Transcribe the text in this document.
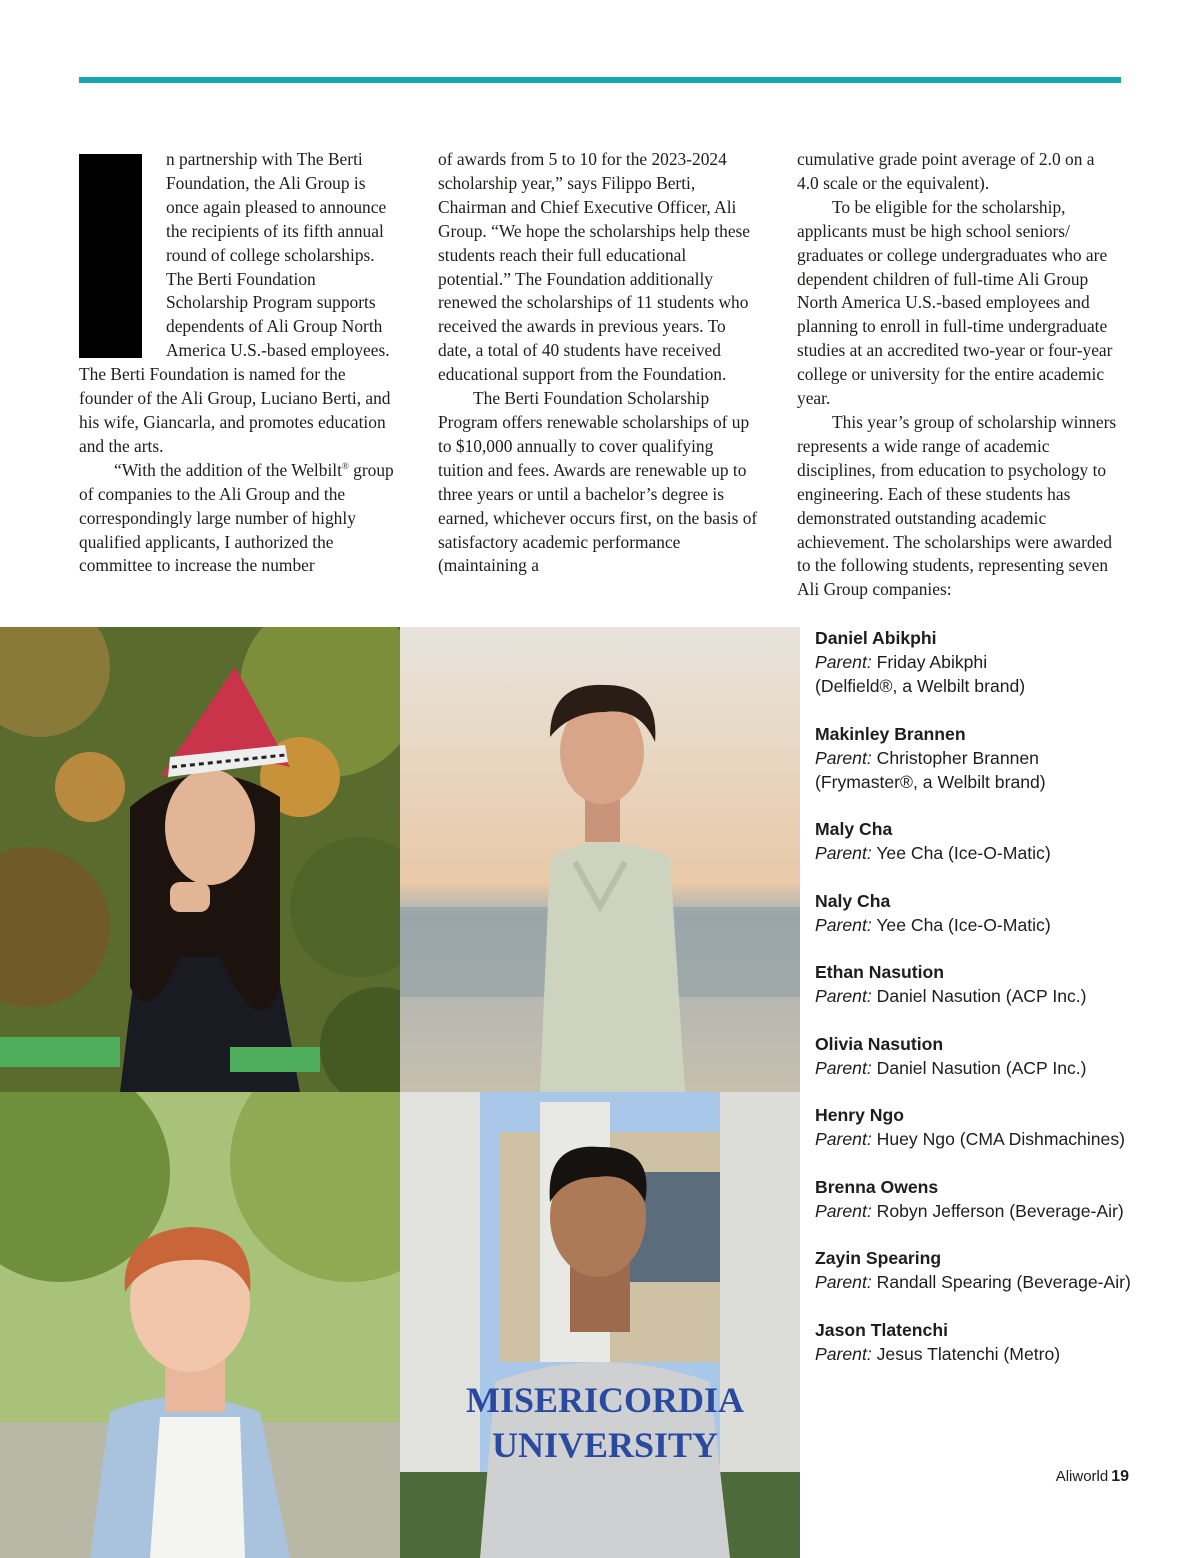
n partnership with The Berti Foundation, the Ali Group is once again pleased to announce the recipients of its fifth annual round of college scholarships. The Berti Foundation Scholarship Program supports dependents of Ali Group North America U.S.-based employees. The Berti Foundation is named for the founder of the Ali Group, Luciano Berti, and his wife, Giancarla, and promotes education and the arts.

“With the addition of the Welbilt® group of companies to the Ali Group and the correspondingly large number of highly qualified applicants, I authorized the committee to increase the number

of awards from 5 to 10 for the 2023-2024 scholarship year,” says Filippo Berti, Chairman and Chief Executive Officer, Ali Group. “We hope the scholarships help these students reach their full educational potential.” The Foundation additionally renewed the scholarships of 11 students who received the awards in previous years. To date, a total of 40 students have received educational support from the Foundation.

The Berti Foundation Scholarship Program offers renewable scholarships of up to $10,000 annually to cover qualifying tuition and fees. Awards are renewable up to three years or until a bachelor’s degree is earned, whichever occurs first, on the basis of satisfactory academic performance (maintaining a

cumulative grade point average of 2.0 on a 4.0 scale or the equivalent).

To be eligible for the scholarship, applicants must be high school seniors/ graduates or college undergraduates who are dependent children of full-time Ali Group North America U.S.-based employees and planning to enroll in full-time undergraduate studies at an accredited two-year or four-year college or university for the entire academic year.

This year’s group of scholarship winners represents a wide range of academic disciplines, from education to psychology to engineering. Each of these students has demonstrated outstanding academic achievement. The scholarships were awarded to the following students, representing seven Ali Group companies:

MISERICORDIA
UNIVERSITY
Daniel Abikphi
Parent: Friday Abikphi
(Delfield®, a Welbilt brand)
Makinley Brannen
Parent: Christopher Brannen
(Frymaster®, a Welbilt brand)
Maly Cha
Parent: Yee Cha (Ice-O-Matic)
Naly Cha
Parent: Yee Cha (Ice-O-Matic)
Ethan Nasution
Parent: Daniel Nasution (ACP Inc.)
Olivia Nasution
Parent: Daniel Nasution (ACP Inc.)
Henry Ngo
Parent: Huey Ngo (CMA Dishmachines)
Brenna Owens
Parent: Robyn Jefferson (Beverage-Air)
Zayin Spearing
Parent: Randall Spearing (Beverage-Air)
Jason Tlatenchi
Parent: Jesus Tlatenchi (Metro)
Aliworld 19
